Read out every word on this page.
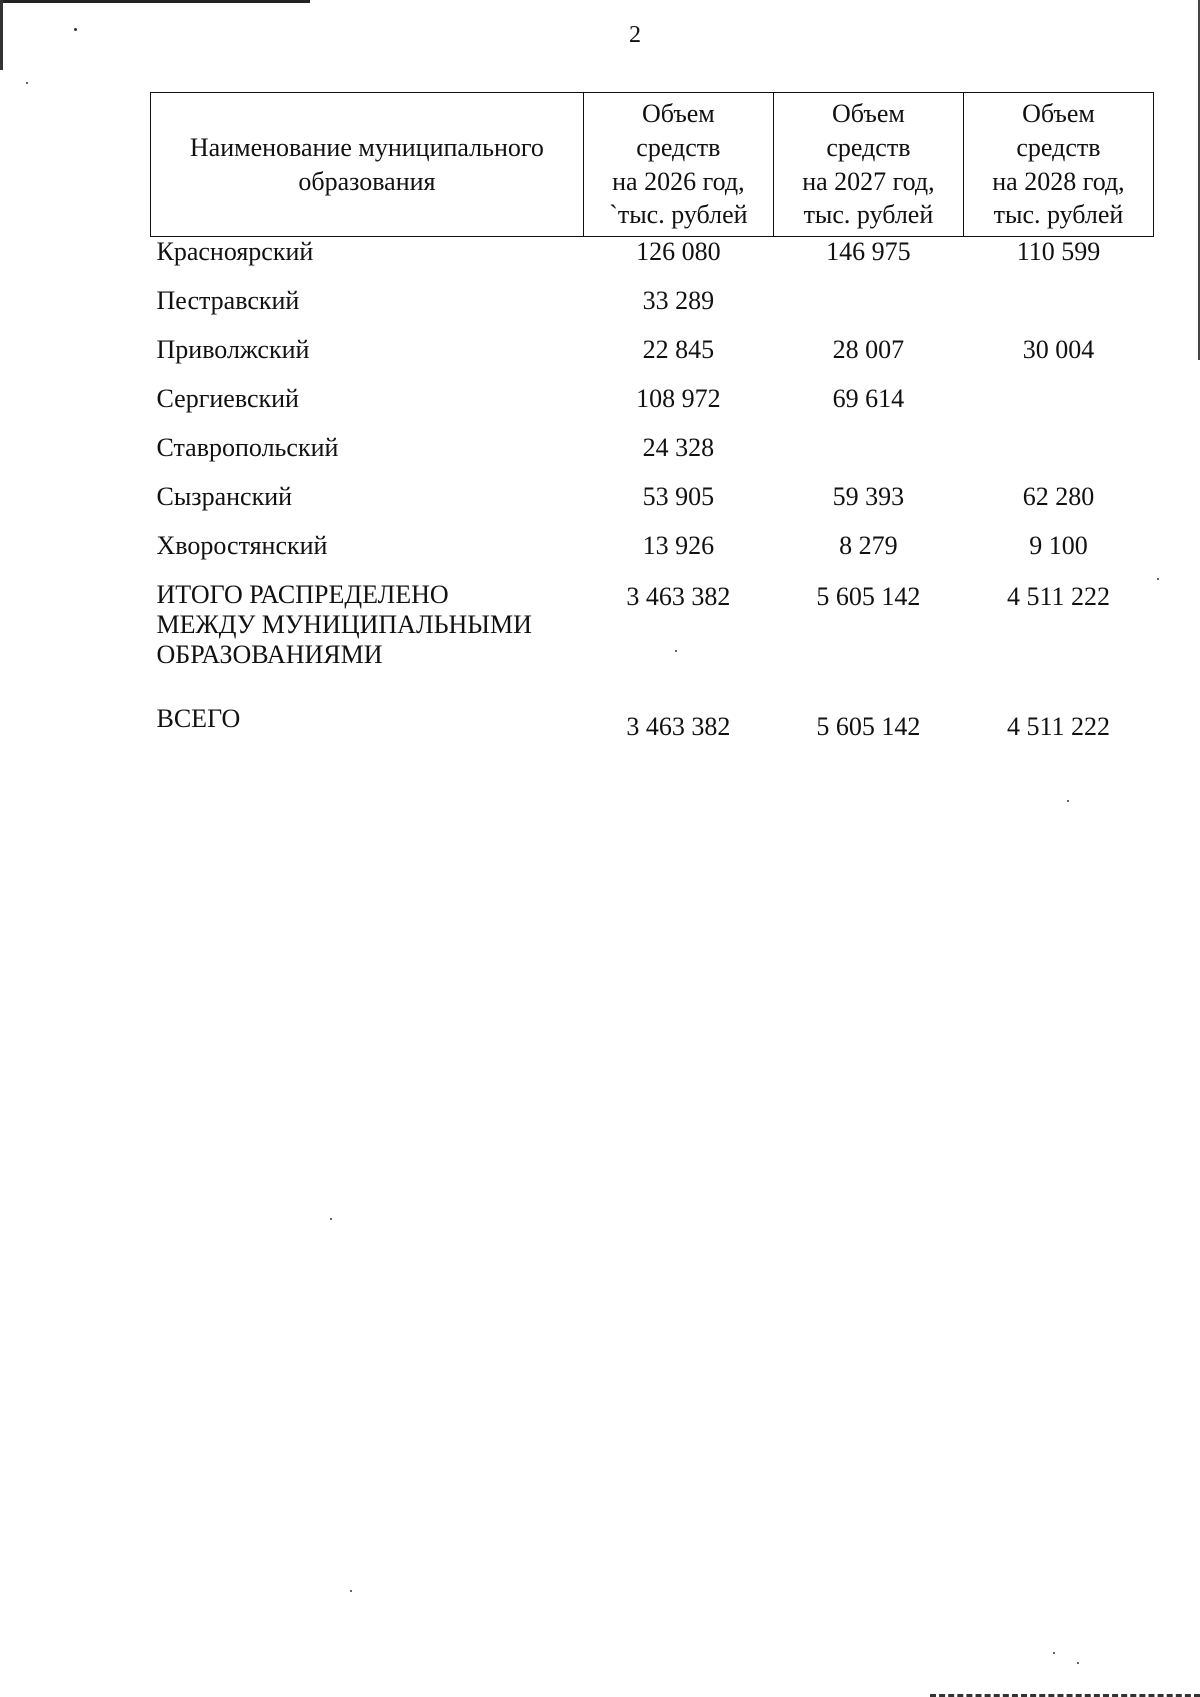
2
Наименование муниципального
образования	Объем
средств
на 2026 год,
`тыс. рублей	Объем
средств
на 2027 год,
тыс. рублей	Объем
средств
на 2028 год,
тыс. рублей

Красноярский	126 080	146 975	110 599
Пестравский	33 289		
Приволжский	22 845	28 007	30 004
Сергиевский	108 972	69 614	
Ставропольский	24 328		
Сызранский	53 905	59 393	62 280
Хворостянский	13 926	8 279	9 100

ИТОГО РАСПРЕДЕЛЕНО
МЕЖДУ МУНИЦИПАЛЬНЫМИ
ОБРАЗОВАНИЯМИ	3 463 382	5 605 142	4 511 222
ВСЕГО	3 463 382	5 605 142	4 511 222
